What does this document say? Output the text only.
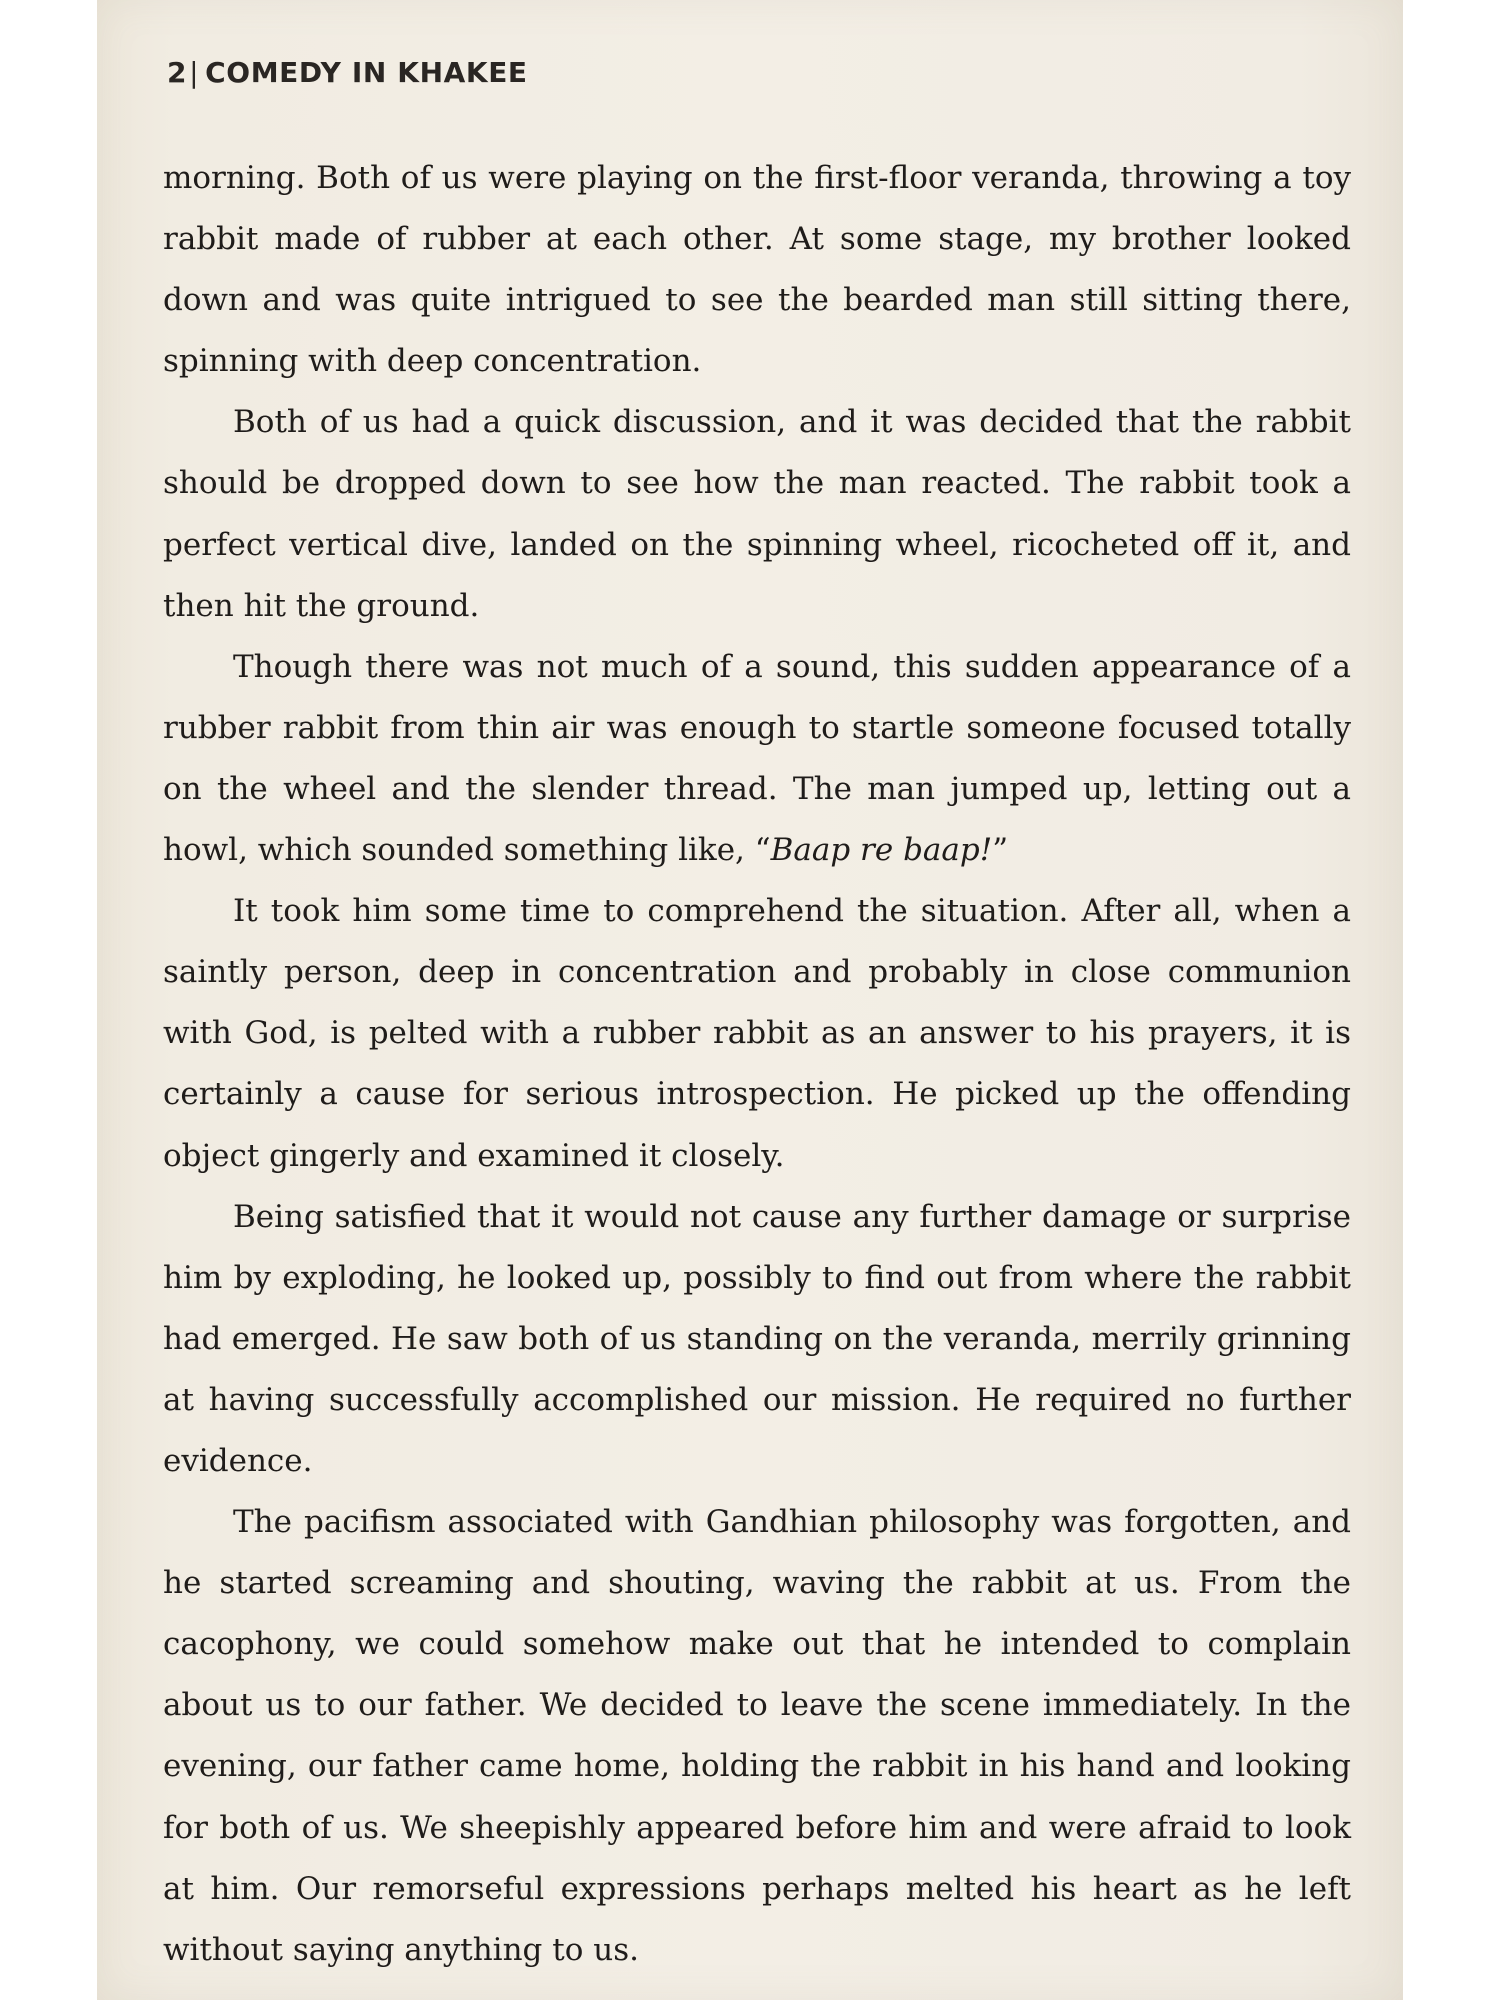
2| COMEDY IN KHAKEE

morning. Both of us were playing on the first-floor veranda, throwing a toy rabbit made of rubber at each other. At some stage, my brother looked down and was quite intrigued to see the bearded man still sitting there, spinning with deep concentration.

Both of us had a quick discussion, and it was decided that the rabbit should be dropped down to see how the man reacted. The rabbit took a perfect vertical dive, landed on the spinning wheel, ricocheted off it, and then hit the ground.

Though there was not much of a sound, this sudden appearance of a rubber rabbit from thin air was enough to startle someone focused totally on the wheel and the slender thread. The man jumped up, letting out a howl, which sounded something like, “Baap re baap!”

It took him some time to comprehend the situation. After all, when a saintly person, deep in concentration and probably in close communion with God, is pelted with a rubber rabbit as an answer to his prayers, it is certainly a cause for serious introspection. He picked up the offending object gingerly and examined it closely.

Being satisfied that it would not cause any further damage or surprise him by exploding, he looked up, possibly to find out from where the rabbit had emerged. He saw both of us standing on the veranda, merrily grinning at having successfully accomplished our mission. He required no further evidence.

The pacifism associated with Gandhian philosophy was forgotten, and he started screaming and shouting, waving the rabbit at us. From the cacophony, we could somehow make out that he intended to complain about us to our father. We decided to leave the scene immediately. In the evening, our father came home, holding the rabbit in his hand and looking for both of us. We sheepishly appeared before him and were afraid to look at him. Our remorseful expressions perhaps melted his heart as he left without saying anything to us.
